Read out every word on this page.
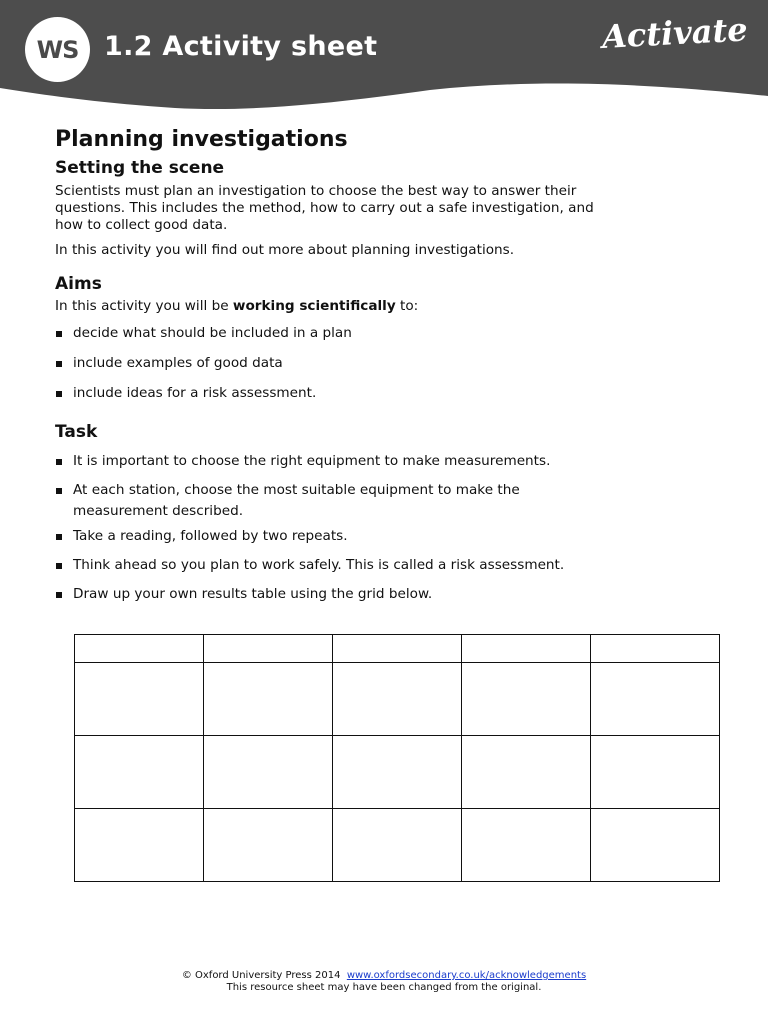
WS 1.2 Activity sheet	Activate
Planning investigations
Setting the scene

Scientists must plan an investigation to choose the best way to answer their

questions. This includes the method, how to carry out a safe investigation, and

how to collect good data.

In this activity you will find out more about planning investigations.

Aims

In this activity you will be working scientifically to:

decide what should be included in a plan
include examples of good data
include ideas for a risk assessment.
Task
It is important to choose the right equipment to make measurements.
At each station, choose the most suitable equipment to make the
measurement described.
Take a reading, followed by two repeats.
Think ahead so you plan to work safely. This is called a risk assessment.
Draw up your own results table using the grid below.

© Oxford University Press 2014 www.oxfordsecondary.co.uk/acknowledgements
This resource sheet may have been changed from the original.
